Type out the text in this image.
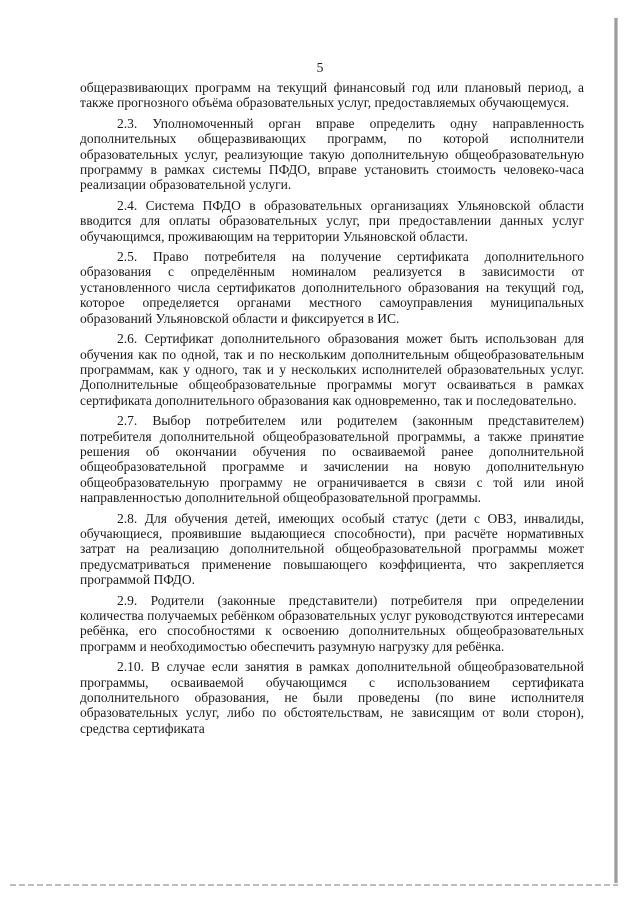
5

общеразвивающих программ на текущий финансовый год или плановый период, а также прогнозного объёма образовательных услуг, предоставляемых обучающемуся.

2.3. Уполномоченный орган вправе определить одну направленность дополнительных общеразвивающих программ, по которой исполнители образовательных услуг, реализующие такую дополнительную общеобразовательную программу в рамках системы ПФДО, вправе установить стоимость человеко-часа реализации образовательной услуги.

2.4. Система ПФДО в образовательных организациях Ульяновской области вводится для оплаты образовательных услуг, при предоставлении данных услуг обучающимся, проживающим на территории Ульяновской области.

2.5. Право потребителя на получение сертификата дополнительного образования с определённым номиналом реализуется в зависимости от установленного числа сертификатов дополнительного образования на текущий год, которое определяется органами местного самоуправления муниципальных образований Ульяновской области и фиксируется в ИС.

2.6. Сертификат дополнительного образования может быть использован для обучения как по одной, так и по нескольким дополнительным общеобразовательным программам, как у одного, так и у нескольких исполнителей образовательных услуг. Дополнительные общеобразовательные программы могут осваиваться в рамках сертификата дополнительного образования как одновременно, так и последовательно.

2.7. Выбор потребителем или родителем (законным представителем) потребителя дополнительной общеобразовательной программы, а также принятие решения об окончании обучения по осваиваемой ранее дополнительной общеобразовательной программе и зачислении на новую дополнительную общеобразовательную программу не ограничивается в связи с той или иной направленностью дополнительной общеобразовательной программы.

2.8. Для обучения детей, имеющих особый статус (дети с ОВЗ, инвалиды, обучающиеся, проявившие выдающиеся способности), при расчёте нормативных затрат на реализацию дополнительной общеобразовательной программы может предусматриваться применение повышающего коэффициента, что закрепляется программой ПФДО.

2.9. Родители (законные представители) потребителя при определении количества получаемых ребёнком образовательных услуг руководствуются интересами ребёнка, его способностями к освоению дополнительных общеобразовательных программ и необходимостью обеспечить разумную нагрузку для ребёнка.

2.10. В случае если занятия в рамках дополнительной общеобразовательной программы, осваиваемой обучающимся с использованием сертификата дополнительного образования, не были проведены (по вине исполнителя образовательных услуг, либо по обстоятельствам, не зависящим от воли сторон), средства сертификата
